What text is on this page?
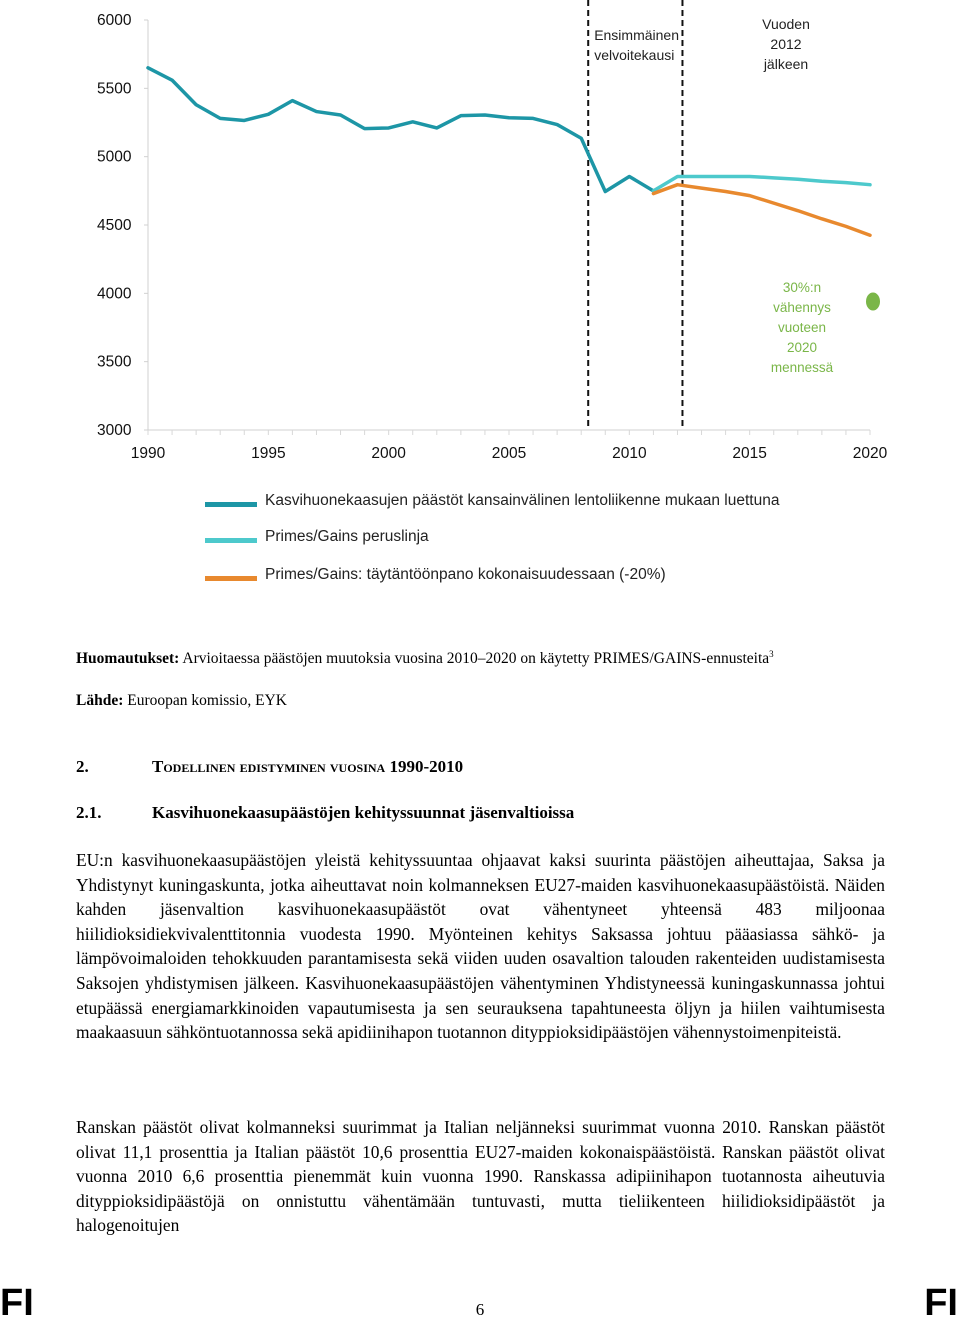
6000
5500
5000
4500
4000
3500
3000
1990	1995	2000	2005	2010	2015	2020
Ensimmäinen
velvoitekausi
Vuoden
2012
jälkeen
30%:n
vähennys
vuoteen
2020
mennessä
Kasvihuonekaasujen päästöt kansainvälinen lentoliikenne mukaan luettuna
Primes/Gains peruslinja
Primes/Gains: täytäntöönpano kokonaisuudessaan (-20%)
Huomautukset: Arvioitaessa päästöjen muutoksia vuosina 2010–2020 on käytetty PRIMES/GAINS-ennusteita$^3$
Lähde: Euroopan komissio, EYK
2.	Todellinen edistyminen vuosina 1990-2010
2.1.	Kasvihuonekaasupäästöjen kehityssuunnat jäsenvaltioissa

EU:n kasvihuonekaasupäästöjen yleistä kehityssuuntaa ohjaavat kaksi suurinta päästöjen aiheuttajaa, Saksa ja Yhdistynyt kuningaskunta, jotka aiheuttavat noin kolmanneksen EU27-maiden kasvihuonekaasupäästöistä. Näiden kahden jäsenvaltion kasvihuonekaasupäästöt ovat vähentyneet yhteensä 483 miljoonaa hiilidioksidiekvivalenttitonnia vuodesta 1990. Myönteinen kehitys Saksassa johtuu pääasiassa sähkö- ja lämpövoimaloiden tehokkuuden parantamisesta sekä viiden uuden osavaltion talouden rakenteiden uudistamisesta Saksojen yhdistymisen jälkeen. Kasvihuonekaasupäästöjen vähentyminen Yhdistyneessä kuningaskunnassa johtui etupäässä energiamarkkinoiden vapautumisesta ja sen seurauksena tapahtuneesta öljyn ja hiilen vaihtumisesta maakaasuun sähköntuotannossa sekä apidiinihapon tuotannon dityppioksidipäästöjen vähennystoimenpiteistä.

Ranskan päästöt olivat kolmanneksi suurimmat ja Italian neljänneksi suurimmat vuonna 2010. Ranskan päästöt olivat 11,1 prosenttia ja Italian päästöt 10,6 prosenttia EU27-maiden kokonaispäästöistä. Ranskan päästöt olivat vuonna 2010 6,6 prosenttia pienemmät kuin vuonna 1990. Ranskassa adipiinihapon tuotannosta aiheutuvia dityppioksidipäästöjä on onnistuttu vähentämään tuntuvasti, mutta tieliikenteen hiilidioksidipäästöt ja halogenoitujen

FI	6	FI
